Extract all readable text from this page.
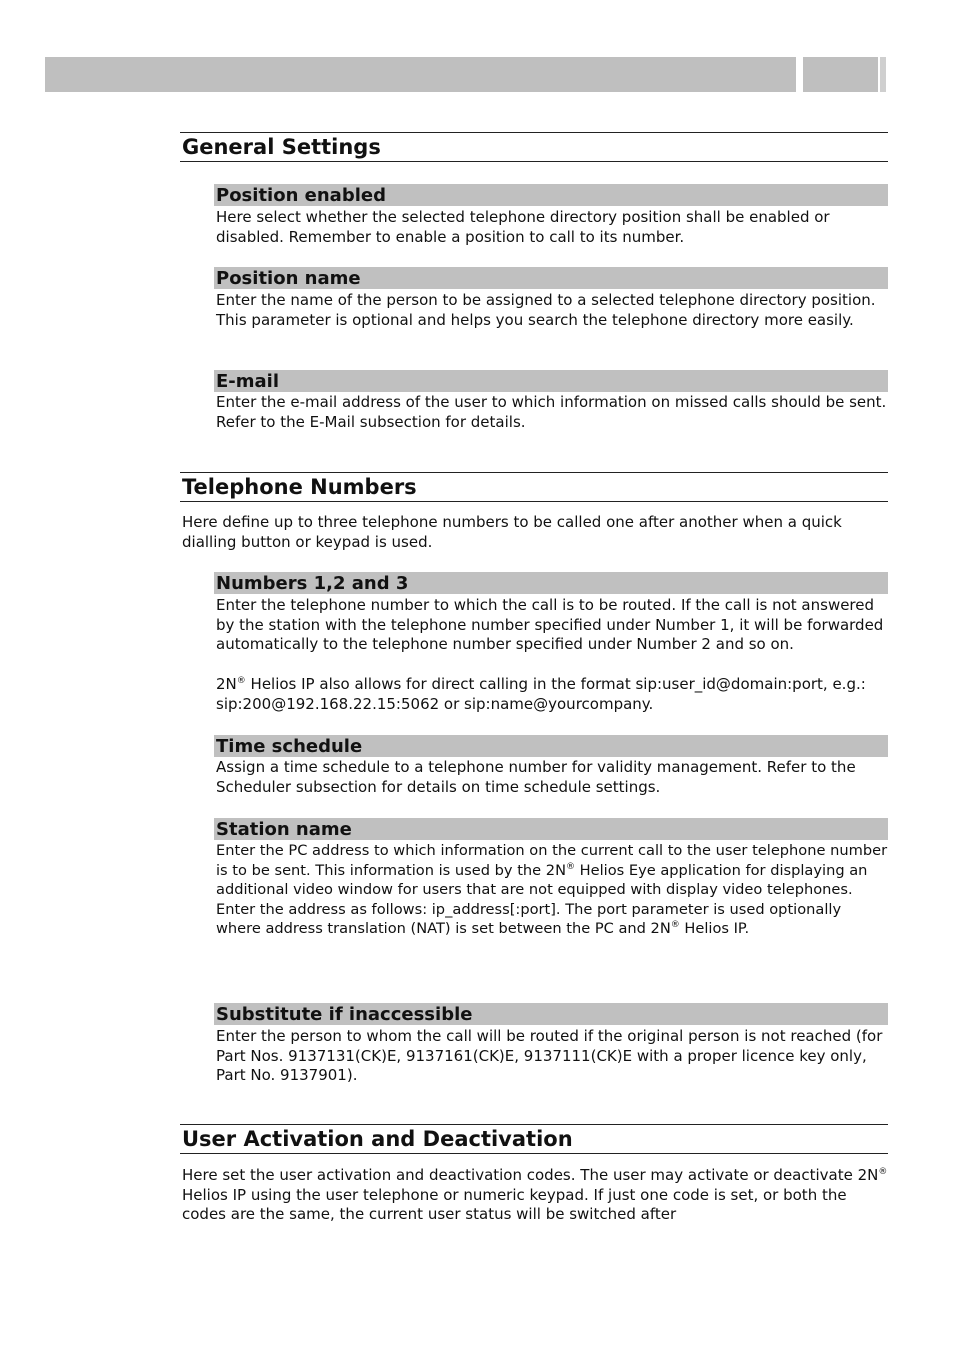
General Settings
Position enabled
Here select whether the selected telephone directory position shall be enabled or disabled. Remember to enable a position to call to its number.
Position name
Enter the name of the person to be assigned to a selected telephone directory position. This parameter is optional and helps you search the telephone directory more easily.
E-mail
Enter the e-mail address of the user to which information on missed calls should be sent. Refer to the E-Mail subsection for details.
Telephone Numbers
Here define up to three telephone numbers to be called one after another when a quick dialling button or keypad is used.
Numbers 1,2 and 3
Enter the telephone number to which the call is to be routed. If the call is not answered by the station with the telephone number specified under Number 1, it will be forwarded automatically to the telephone number specified under Number 2 and so on.
2N® Helios IP also allows for direct calling in the format sip:user_id@domain:port, e.g.: sip:200@192.168.22.15:5062 or sip:name@yourcompany.
Time schedule
Assign a time schedule to a telephone number for validity management. Refer to the Scheduler subsection for details on time schedule settings.
Station name
Enter the PC address to which information on the current call to the user telephone number is to be sent. This information is used by the 2N® Helios Eye application for displaying an additional video window for users that are not equipped with display video telephones. Enter the address as follows: ip_address[:port]. The port parameter is used optionally where address translation (NAT) is set between the PC and 2N® Helios IP.
Substitute if inaccessible
Enter the person to whom the call will be routed if the original person is not reached (for Part Nos. 9137131(CK)E, 9137161(CK)E, 9137111(CK)E with a proper licence key only, Part No. 9137901).
User Activation and Deactivation
Here set the user activation and deactivation codes. The user may activate or deactivate 2N® Helios IP using the user telephone or numeric keypad. If just one code is set, or both the codes are the same, the current user status will be switched after
